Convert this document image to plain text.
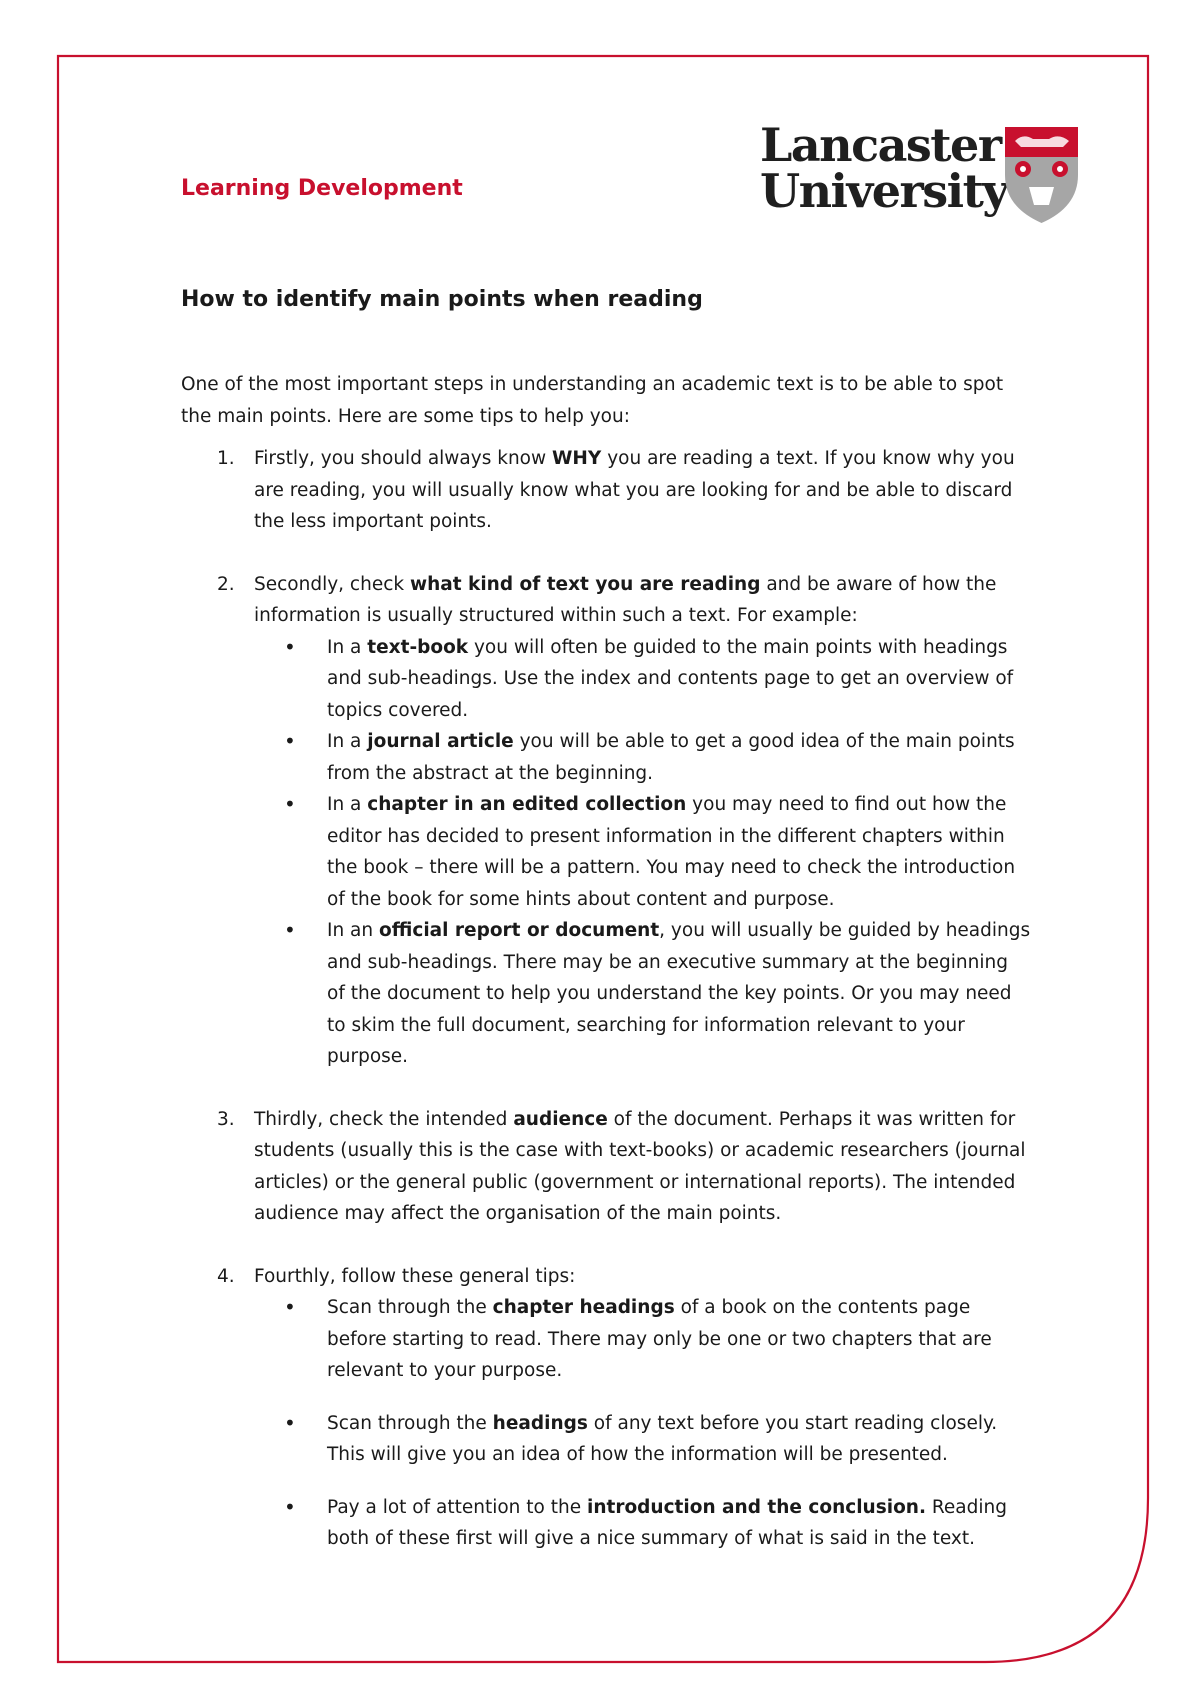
Learning Development
Lancaster
University
How to identify main points when reading

One of the most important steps in understanding an academic text is to be able to spot the main points. Here are some tips to help you:

1. Firstly, you should always know WHY you are reading a text. If you know why you are reading, you will usually know what you are looking for and be able to discard the less important points.
2. Secondly, check what kind of text you are reading and be aware of how the information is usually structured within such a text. For example:
• In a text-book you will often be guided to the main points with headings and sub-headings. Use the index and contents page to get an overview of topics covered.
• In a journal article you will be able to get a good idea of the main points from the abstract at the beginning.
• In a chapter in an edited collection you may need to find out how the editor has decided to present information in the different chapters within the book – there will be a pattern. You may need to check the introduction of the book for some hints about content and purpose.
• In an official report or document, you will usually be guided by headings and sub-headings. There may be an executive summary at the beginning of the document to help you understand the key points. Or you may need to skim the full document, searching for information relevant to your purpose.
3. Thirdly, check the intended audience of the document. Perhaps it was written for students (usually this is the case with text-books) or academic researchers (journal articles) or the general public (government or international reports). The intended audience may affect the organisation of the main points.
4. Fourthly, follow these general tips:
• Scan through the chapter headings of a book on the contents page before starting to read. There may only be one or two chapters that are relevant to your purpose.
• Scan through the headings of any text before you start reading closely. This will give you an idea of how the information will be presented.
• Pay a lot of attention to the introduction and the conclusion. Reading both of these first will give a nice summary of what is said in the text.
